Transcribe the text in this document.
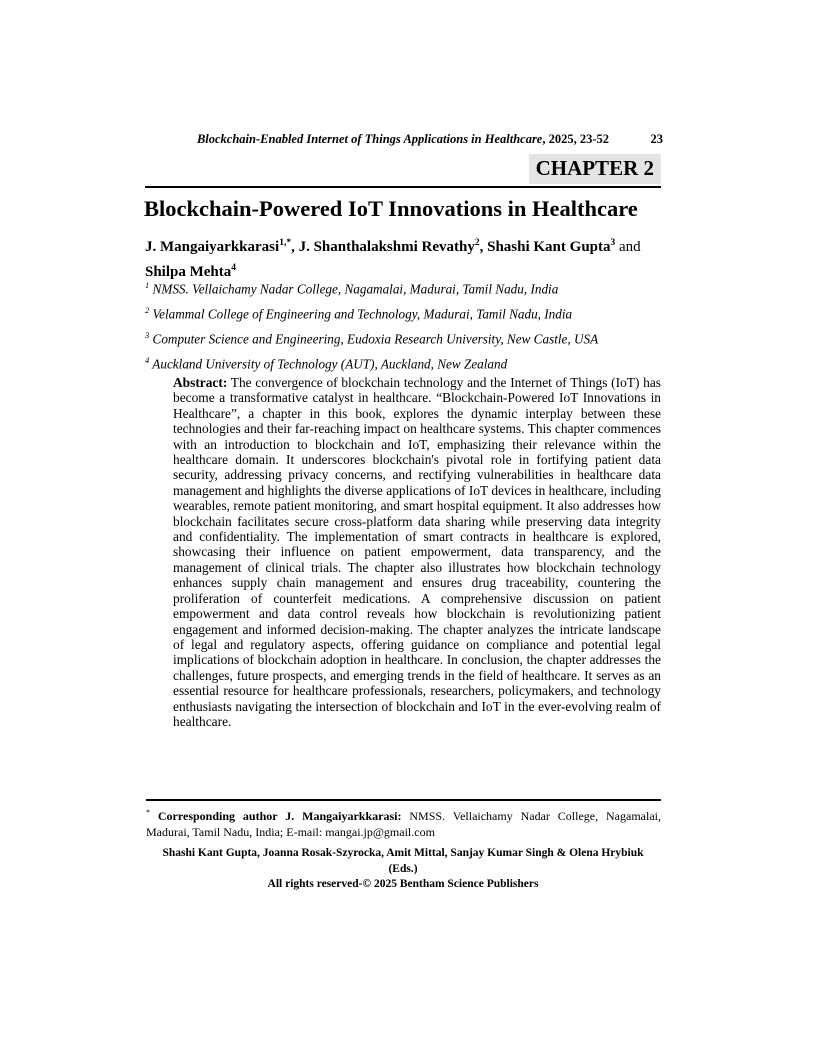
Blockchain-Enabled Internet of Things Applications in Healthcare, 2025, 23-52	23
CHAPTER 2
Blockchain-Powered IoT Innovations in Healthcare
J. Mangaiyarkkarasi$^{1,*}$, J. Shanthalakshmi Revathy$^2$, Shashi Kant Gupta$^3$ and Shilpa Mehta$^4$
$^1$ NMSS. Vellaichamy Nadar College, Nagamalai, Madurai, Tamil Nadu, India
$^2$ Velammal College of Engineering and Technology, Madurai, Tamil Nadu, India
$^3$ Computer Science and Engineering, Eudoxia Research University, New Castle, USA
$^4$ Auckland University of Technology (AUT), Auckland, New Zealand
Abstract: The convergence of blockchain technology and the Internet of Things (IoT) has become a transformative catalyst in healthcare. “Blockchain-Powered IoT Innovations in Healthcare”, a chapter in this book, explores the dynamic interplay between these technologies and their far-reaching impact on healthcare systems. This chapter commences with an introduction to blockchain and IoT, emphasizing their relevance within the healthcare domain. It underscores blockchain's pivotal role in fortifying patient data security, addressing privacy concerns, and rectifying vulnerabilities in healthcare data management and highlights the diverse applications of IoT devices in healthcare, including wearables, remote patient monitoring, and smart hospital equipment. It also addresses how blockchain facilitates secure cross-platform data sharing while preserving data integrity and confidentiality. The implementation of smart contracts in healthcare is explored, showcasing their influence on patient empowerment, data transparency, and the management of clinical trials. The chapter also illustrates how blockchain technology enhances supply chain management and ensures drug traceability, countering the proliferation of counterfeit medications. A comprehensive discussion on patient empowerment and data control reveals how blockchain is revolutionizing patient engagement and informed decision-making. The chapter analyzes the intricate landscape of legal and regulatory aspects, offering guidance on compliance and potential legal implications of blockchain adoption in healthcare. In conclusion, the chapter addresses the challenges, future prospects, and emerging trends in the field of healthcare. It serves as an essential resource for healthcare professionals, researchers, policymakers, and technology enthusiasts navigating the intersection of blockchain and IoT in the ever-evolving realm of healthcare.
* Corresponding author J. Mangaiyarkkarasi: NMSS. Vellaichamy Nadar College, Nagamalai, Madurai, Tamil Nadu, India; E-mail: mangai.jp@gmail.com
Shashi Kant Gupta, Joanna Rosak-Szyrocka, Amit Mittal, Sanjay Kumar Singh & Olena Hrybiuk
(Eds.)
All rights reserved-© 2025 Bentham Science Publishers
